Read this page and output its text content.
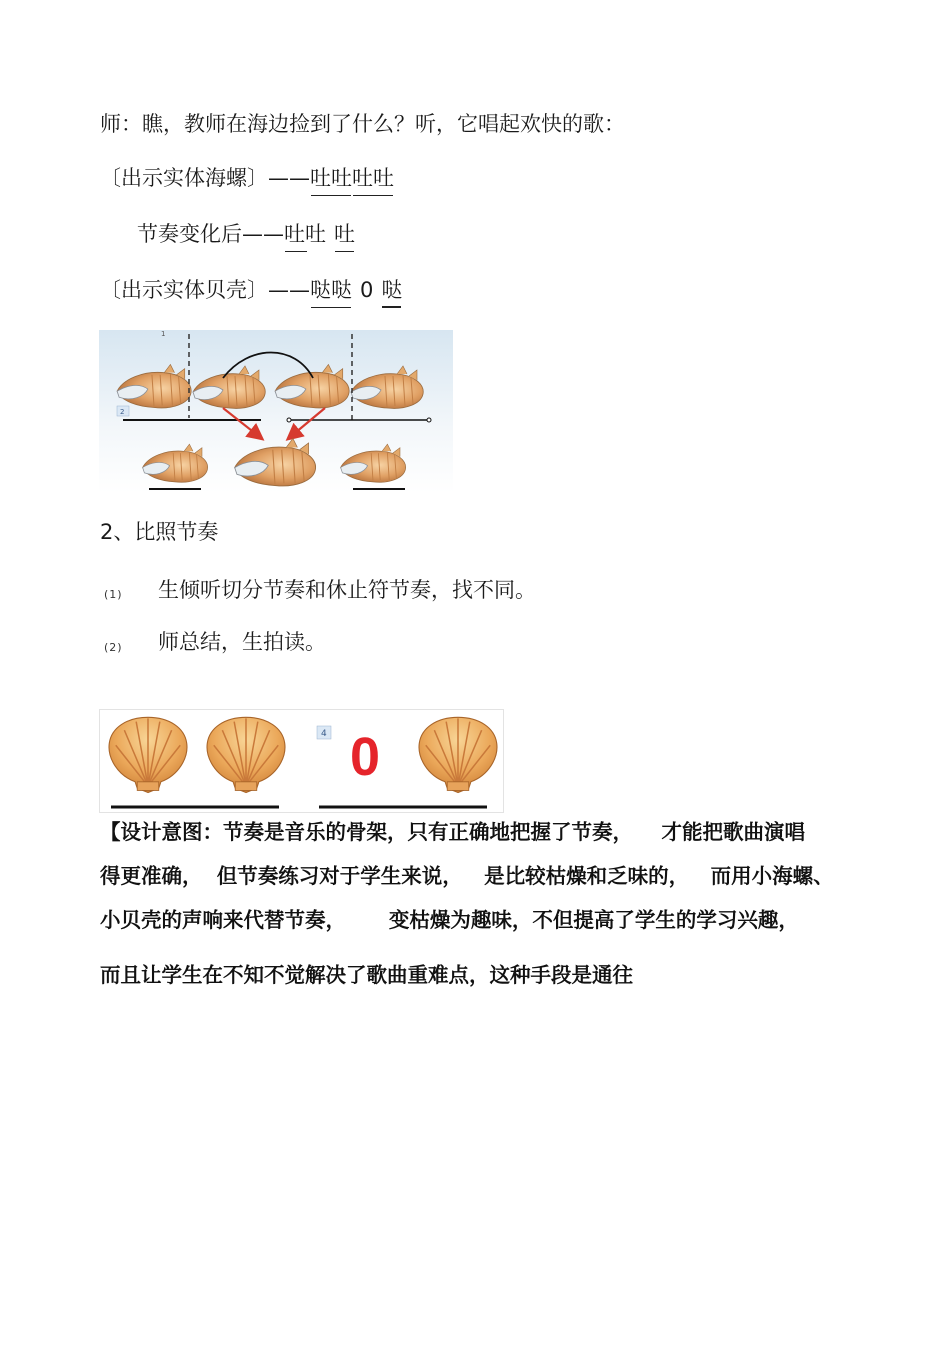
师：瞧，教师在海边捡到了什么？听，它唱起欢快的歌：
〔出示实体海螺〕——吐吐吐吐
节奏变化后——吐吐 吐
〔出示实体贝壳〕——哒哒 0 哒
1
2
2、比照节奏
(1) 生倾听切分节奏和休止符节奏，找不同。
(2) 师总结，生拍读。
4 0
【设计意图：节奏是音乐的骨架，只有正确地把握了节奏，    才能把歌曲演唱
得更准确，  但节奏练习对于学生来说，   是比较枯燥和乏味的，   而用小海螺、
小贝壳的声响来代替节奏，      变枯燥为趣味，不但提高了学生的学习兴趣，
而且让学生在不知不觉解决了歌曲重难点，这种手段是通往
